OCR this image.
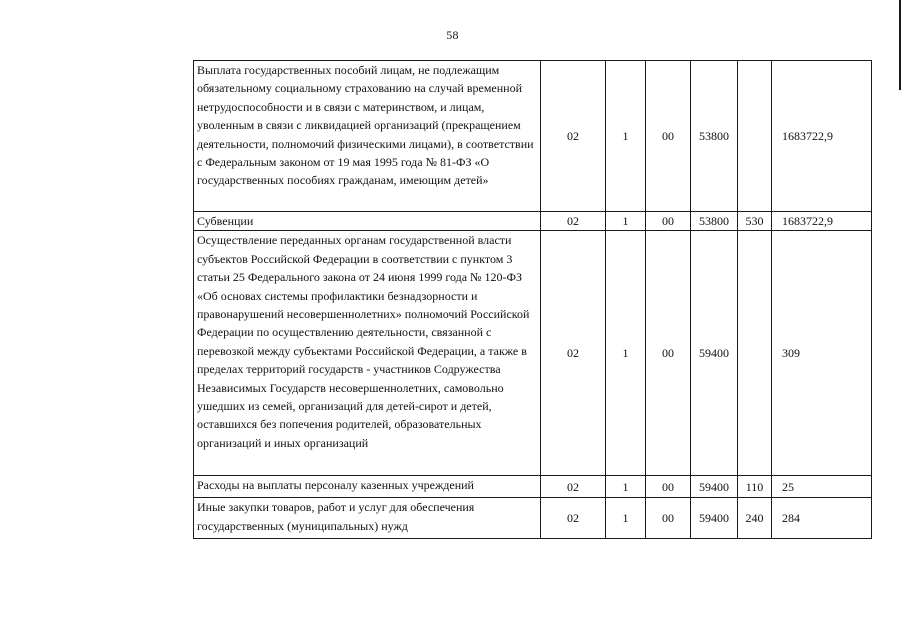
58
Выплата государственных пособий лицам, не подлежащим обязательному социальному страхованию на случай временной нетрудоспособности и в связи с материнством, и лицам, уволенным в связи с ликвидацией организаций (прекращением деятельности, полномочий физическими лицами), в соответствии с Федеральным законом от 19 мая 1995 года № 81-ФЗ «О государственных пособиях гражданам, имеющим детей»	02	1	00	53800		1683722,9
Субвенции	02	1	00	53800	530	1683722,9
Осуществление переданных органам государственной власти субъектов Российской Федерации в соответствии с пунктом 3 статьи 25 Федерального закона от 24 июня 1999 года № 120-ФЗ «Об основах системы профилактики безнадзорности и правонарушений несовершеннолетних» полномочий Российской Федерации по осуществлению деятельности, связанной с перевозкой между субъектами Российской Федерации, а также в пределах территорий государств - участников Содружества Независимых Государств несовершеннолетних, самовольно ушедших из семей, организаций для детей-сирот и детей, оставшихся без попечения родителей, образовательных организаций и иных организаций	02	1	00	59400		309
Расходы на выплаты персоналу казенных учреждений	02	1	00	59400	110	25
Иные закупки товаров, работ и услуг для обеспечения государственных (муниципальных) нужд	02	1	00	59400	240	284
